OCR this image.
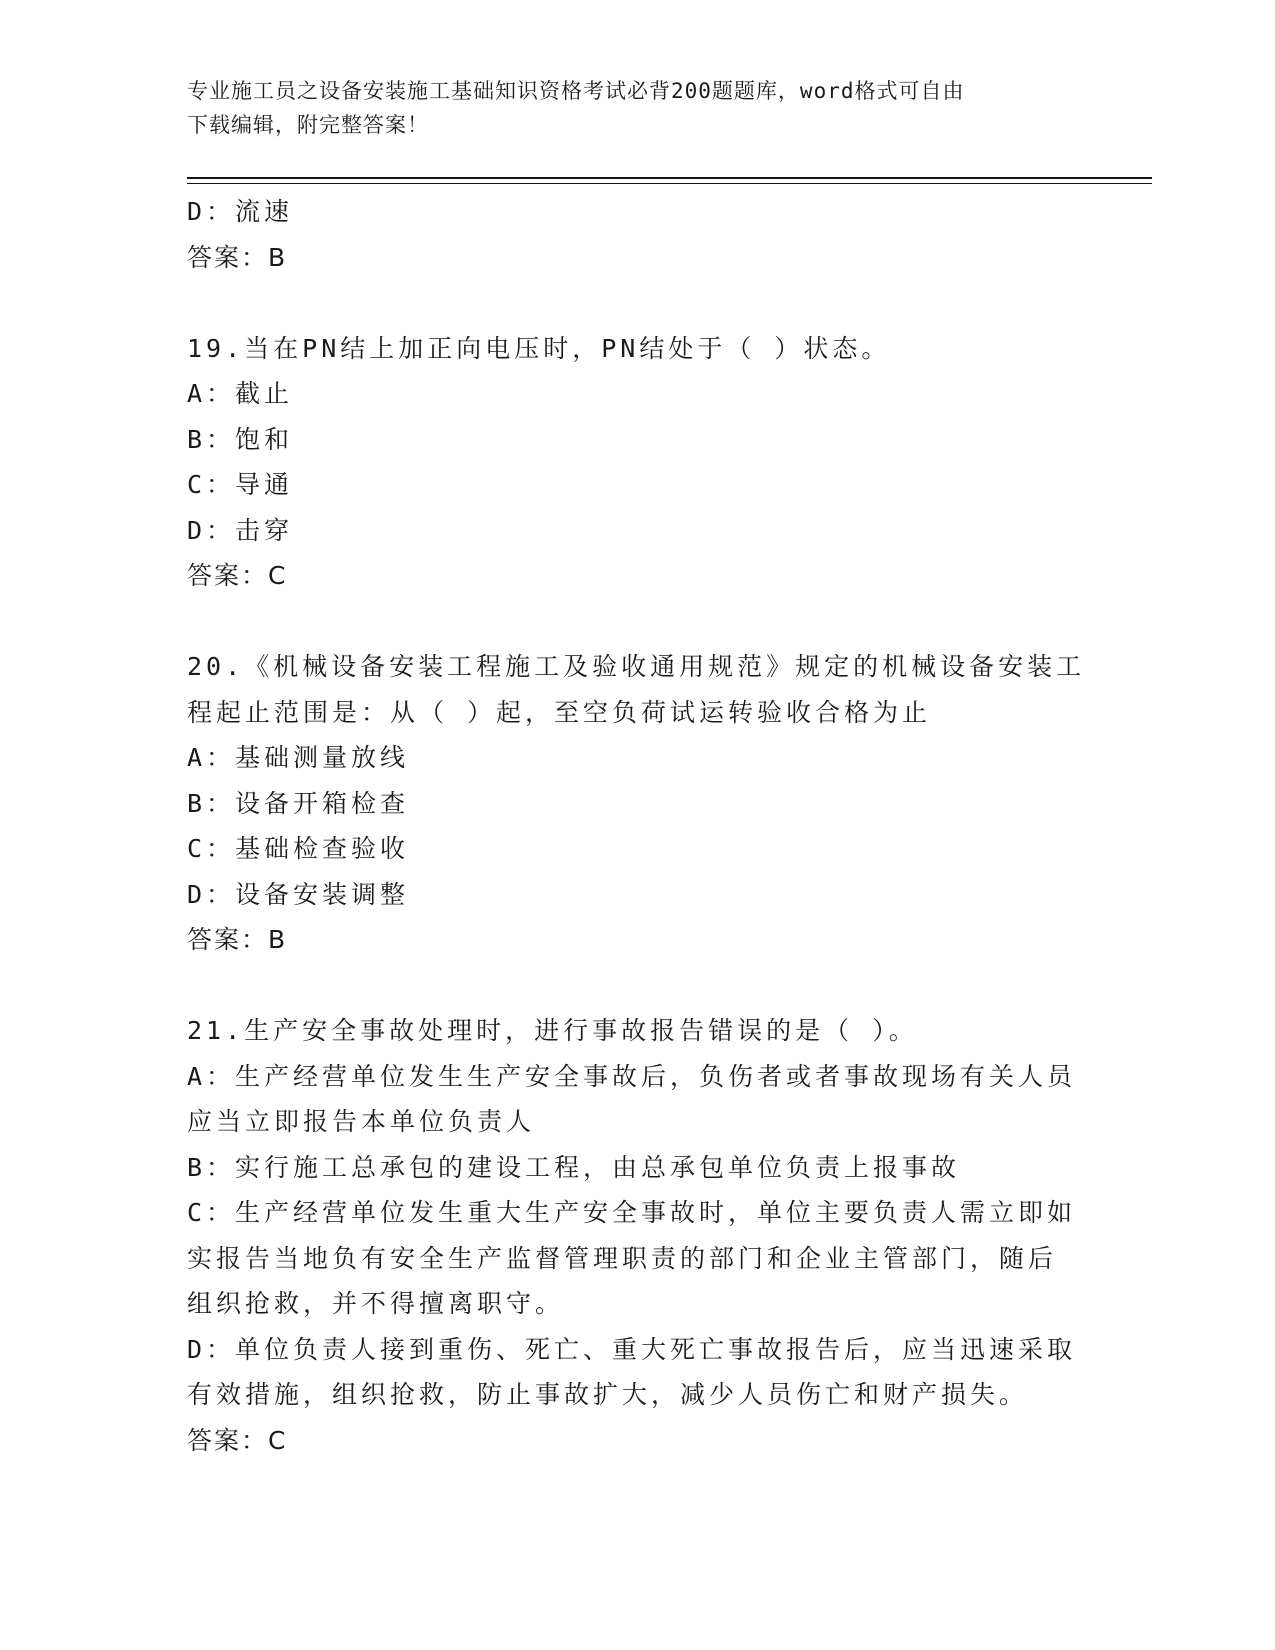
专业施工员之设备安装施工基础知识资格考试必背200题题库，word格式可自由
下载编辑，附完整答案！
D：流速
答案：B
19.当在PN结上加正向电压时，PN结处于（ ）状态。
A：截止
B：饱和
C：导通
D：击穿
答案：C
20.《机械设备安装工程施工及验收通用规范》规定的机械设备安装工
程起止范围是：从（ ）起，至空负荷试运转验收合格为止
A：基础测量放线
B：设备开箱检查
C：基础检查验收
D：设备安装调整
答案：B
21.生产安全事故处理时，进行事故报告错误的是（ ）。
A：生产经营单位发生生产安全事故后，负伤者或者事故现场有关人员
应当立即报告本单位负责人
B：实行施工总承包的建设工程，由总承包单位负责上报事故
C：生产经营单位发生重大生产安全事故时，单位主要负责人需立即如
实报告当地负有安全生产监督管理职责的部门和企业主管部门，随后
组织抢救，并不得擅离职守。
D：单位负责人接到重伤、死亡、重大死亡事故报告后，应当迅速采取
有效措施，组织抢救，防止事故扩大，减少人员伤亡和财产损失。
答案：C
